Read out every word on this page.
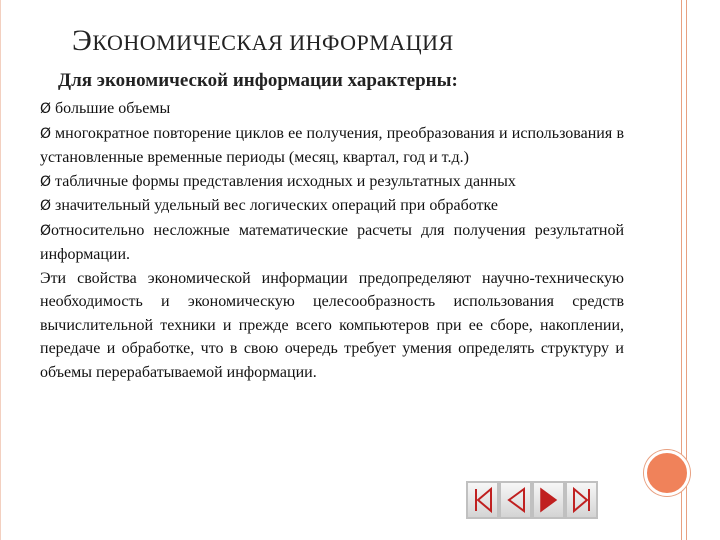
ЭКОНОМИЧЕСКАЯ ИНФОРМАЦИЯ
Для экономической информации характерны:

Ø большие объемы

Ø многократное повторение циклов ее получения, преобразования и использования в установленные временные периоды (месяц, квартал, год и т.д.)

Ø табличные формы представления исходных и результатных данных

Ø значительный удельный вес логических операций при обработке

Øотносительно несложные математические расчеты для получения результатной информации.

Эти свойства экономической информации предопределяют научно-техническую необходимость и экономическую целесообразность использования средств вычислительной техники и прежде всего компьютеров при ее сборе, накоплении, передаче и обработке, что в свою очередь требует умения определять структуру и объемы перерабатываемой информации.
